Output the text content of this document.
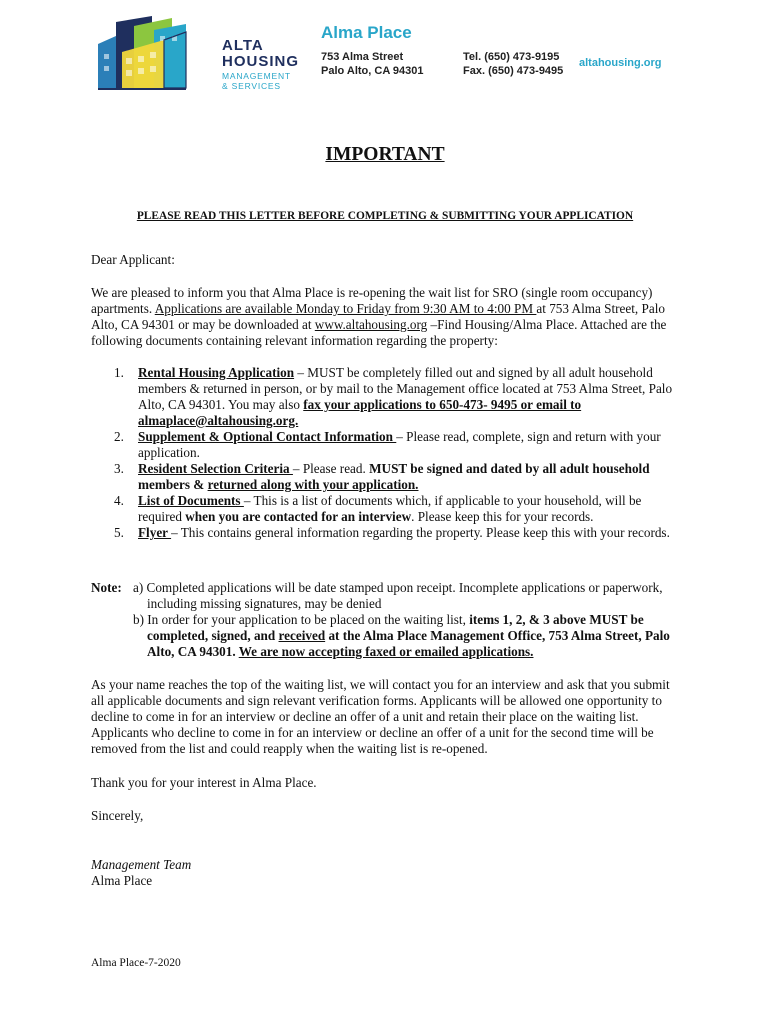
ALTA
HOUSING
MANAGEMENT
& SERVICES
Alma Place
753 Alma Street
Palo Alto, CA 94301
Tel. (650) 473-9195
Fax. (650) 473-9495
altahousing.org
IMPORTANT
PLEASE READ THIS LETTER BEFORE COMPLETING & SUBMITTING YOUR APPLICATION
Dear Applicant:
We are pleased to inform you that Alma Place is re-opening the wait list for SRO (single room occupancy) apartments. Applications are available Monday to Friday from 9:30 AM to 4:00 PM at 753 Alma Street, Palo Alto, CA 94301 or may be downloaded at www.altahousing.org –Find Housing/Alma Place. Attached are the following documents containing relevant information regarding the property:
1. Rental Housing Application – MUST be completely filled out and signed by all adult household members & returned in person, or by mail to the Management office located at 753 Alma Street, Palo Alto, CA 94301. You may also fax your applications to 650-473- 9495 or email to almaplace@altahousing.org.
2. Supplement & Optional Contact Information – Please read, complete, sign and return with your application.
3. Resident Selection Criteria – Please read. MUST be signed and dated by all adult household members & returned along with your application.
4. List of Documents – This is a list of documents which, if applicable to your household, will be required when you are contacted for an interview. Please keep this for your records.
5. Flyer – This contains general information regarding the property. Please keep this with your records.
Note: a) Completed applications will be date stamped upon receipt. Incomplete applications or paperwork, including missing signatures, may be denied
b) In order for your application to be placed on the waiting list, items 1, 2, & 3 above MUST be completed, signed, and received at the Alma Place Management Office, 753 Alma Street, Palo Alto, CA 94301. We are now accepting faxed or emailed applications.
As your name reaches the top of the waiting list, we will contact you for an interview and ask that you submit all applicable documents and sign relevant verification forms. Applicants will be allowed one opportunity to decline to come in for an interview or decline an offer of a unit and retain their place on the waiting list. Applicants who decline to come in for an interview or decline an offer of a unit for the second time will be removed from the list and could reapply when the waiting list is re-opened.
Thank you for your interest in Alma Place.
Sincerely,
Management Team
Alma Place
Alma Place-7-2020
